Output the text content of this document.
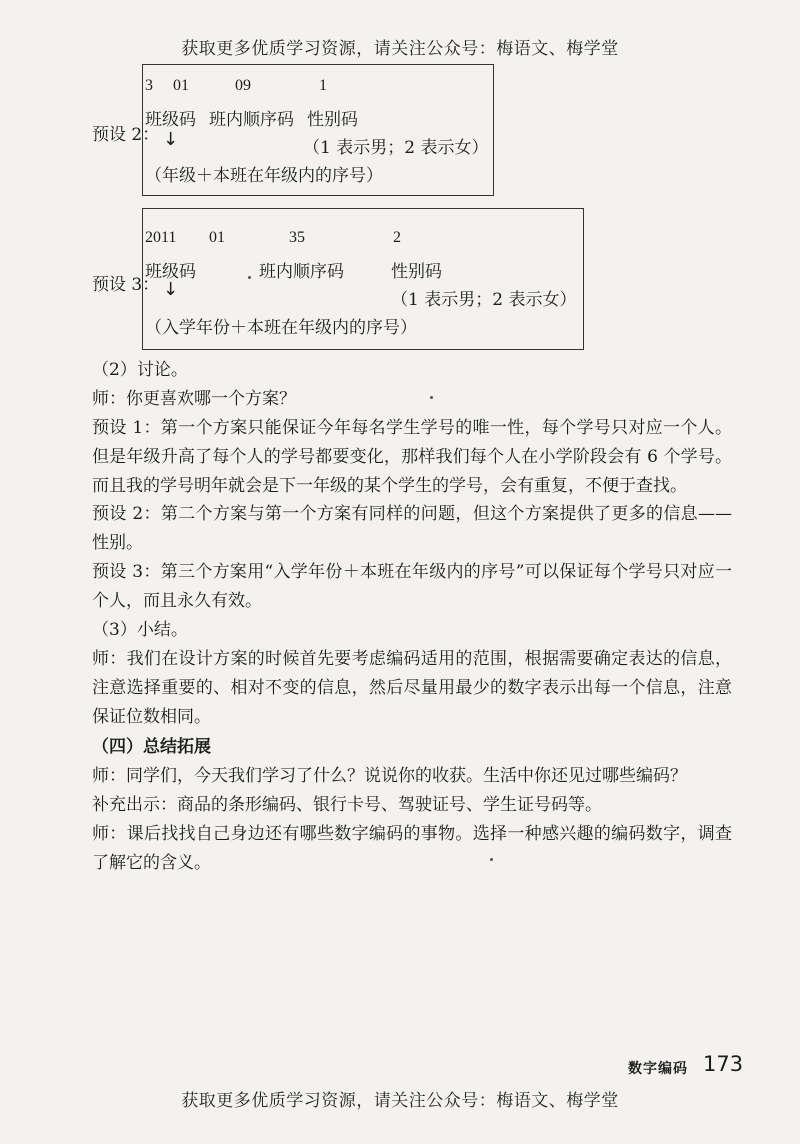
获取更多优质学习资源，请关注公众号：梅语文、梅学堂
预设 2：
3 01	09	1
班级码 班内顺序码 性别码
↓	（1 表示男；2 表示女）
（年级＋本班在年级内的序号）
预设 3：
2011 01	35	2
班级码	班内顺序码	性别码
↓	（1 表示男；2 表示女）
（入学年份＋本班在年级内的序号）
（2）讨论。
师：你更喜欢哪一个方案？
预设 1：第一个方案只能保证今年每名学生学号的唯一性，每个学号只对应一个人。但是年级升高了每个人的学号都要变化，那样我们每个人在小学阶段会有 6 个学号。而且我的学号明年就会是下一年级的某个学生的学号，会有重复，不便于查找。
预设 2：第二个方案与第一个方案有同样的问题，但这个方案提供了更多的信息——性别。
预设 3：第三个方案用“入学年份＋本班在年级内的序号”可以保证每个学号只对应一个人，而且永久有效。
（3）小结。
师：我们在设计方案的时候首先要考虑编码适用的范围，根据需要确定表达的信息，注意选择重要的、相对不变的信息，然后尽量用最少的数字表示出每一个信息，注意保证位数相同。
（四）总结拓展
师：同学们，今天我们学习了什么？说说你的收获。生活中你还见过哪些编码？
补充出示：商品的条形编码、银行卡号、驾驶证号、学生证号码等。
师：课后找找自己身边还有哪些数字编码的事物。选择一种感兴趣的编码数字，调查了解它的含义。
数字编码 173
获取更多优质学习资源，请关注公众号：梅语文、梅学堂
